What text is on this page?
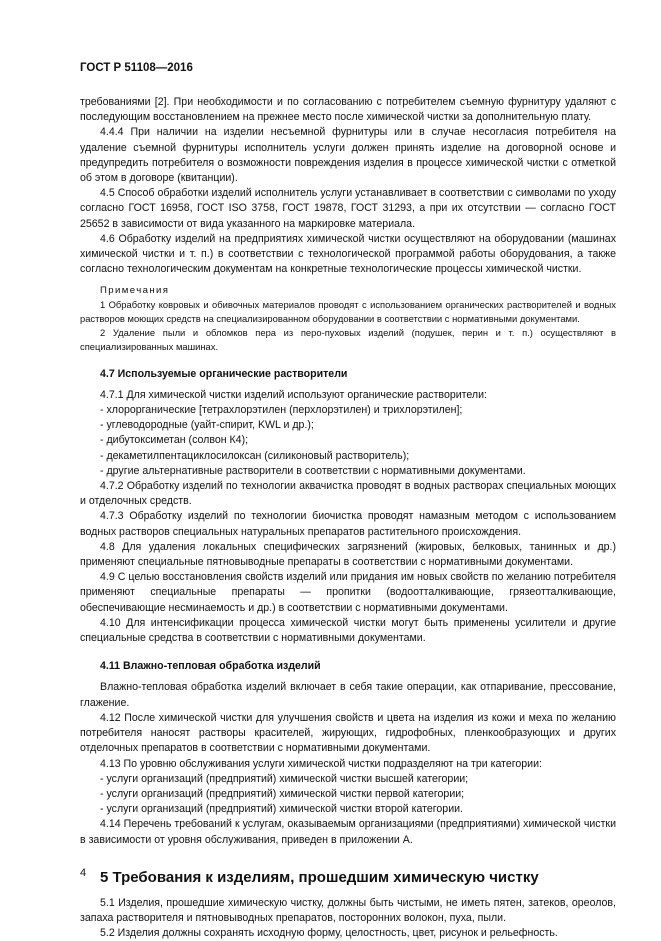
ГОСТ Р 51108—2016

требованиями [2]. При необходимости и по согласованию с потребителем съемную фурнитуру удаляют с последующим восстановлением на прежнее место после химической чистки за дополнительную плату.

4.4.4 При наличии на изделии несъемной фурнитуры или в случае несогласия потребителя на удаление съемной фурнитуры исполнитель услуги должен принять изделие на договорной основе и предупредить потребителя о возможности повреждения изделия в процессе химической чистки с отметкой об этом в договоре (квитанции).

4.5 Способ обработки изделий исполнитель услуги устанавливает в соответствии с символами по уходу согласно ГОСТ 16958, ГОСТ ISO 3758, ГОСТ 19878, ГОСТ 31293, а при их отсутствии — согласно ГОСТ 25652 в зависимости от вида указанного на маркировке материала.

4.6 Обработку изделий на предприятиях химической чистки осуществляют на оборудовании (машинах химической чистки и т. п.) в соответствии с технологической программой работы оборудования, а также согласно технологическим документам на конкретные технологические процессы химической чистки.

Примечания

1 Обработку ковровых и обивочных материалов проводят с использованием органических растворителей и водных растворов моющих средств на специализированном оборудовании в соответствии с нормативными документами.

2 Удаление пыли и обломков пера из перо-пуховых изделий (подушек, перин и т. п.) осуществляют в специализированных машинах.

4.7 Используемые органические растворители

4.7.1 Для химической чистки изделий используют органические растворители:

- хлорорганические [тетрахлорэтилен (перхлорэтилен) и трихлорэтилен];
- углеводородные (уайт-спирит, KWL и др.);
- дибутоксиметан (солвон К4);
- декаметилпентациклосилоксан (силиконовый растворитель);
- другие альтернативные растворители в соответствии с нормативными документами.

4.7.2 Обработку изделий по технологии аквачистка проводят в водных растворах специальных моющих и отделочных средств.

4.7.3 Обработку изделий по технологии биочистка проводят намазным методом с использованием водных растворов специальных натуральных препаратов растительного происхождения.

4.8 Для удаления локальных специфических загрязнений (жировых, белковых, танинных и др.) применяют специальные пятновыводные препараты в соответствии с нормативными документами.

4.9 С целью восстановления свойств изделий или придания им новых свойств по желанию потребителя применяют специальные препараты — пропитки (водоотталкивающие, грязеотталкивающие, обеспечивающие несминаемость и др.) в соответствии с нормативными документами.

4.10 Для интенсификации процесса химической чистки могут быть применены усилители и другие специальные средства в соответствии с нормативными документами.

4.11 Влажно-тепловая обработка изделий

Влажно-тепловая обработка изделий включает в себя такие операции, как отпаривание, прессование, глажение.

4.12 После химической чистки для улучшения свойств и цвета на изделия из кожи и меха по желанию потребителя наносят растворы красителей, жирующих, гидрофобных, пленкообразующих и других отделочных препаратов в соответствии с нормативными документами.

4.13 По уровню обслуживания услуги химической чистки подразделяют на три категории:

- услуги организаций (предприятий) химической чистки высшей категории;
- услуги организаций (предприятий) химической чистки первой категории;
- услуги организаций (предприятий) химической чистки второй категории.

4.14 Перечень требований к услугам, оказываемым организациями (предприятиями) химической чистки в зависимости от уровня обслуживания, приведен в приложении А.

5 Требования к изделиям, прошедшим химическую чистку

5.1 Изделия, прошедшие химическую чистку, должны быть чистыми, не иметь пятен, затеков, ореолов, запаха растворителя и пятновыводных препаратов, посторонних волокон, пуха, пыли.

5.2 Изделия должны сохранять исходную форму, целостность, цвет, рисунок и рельефность.

4
